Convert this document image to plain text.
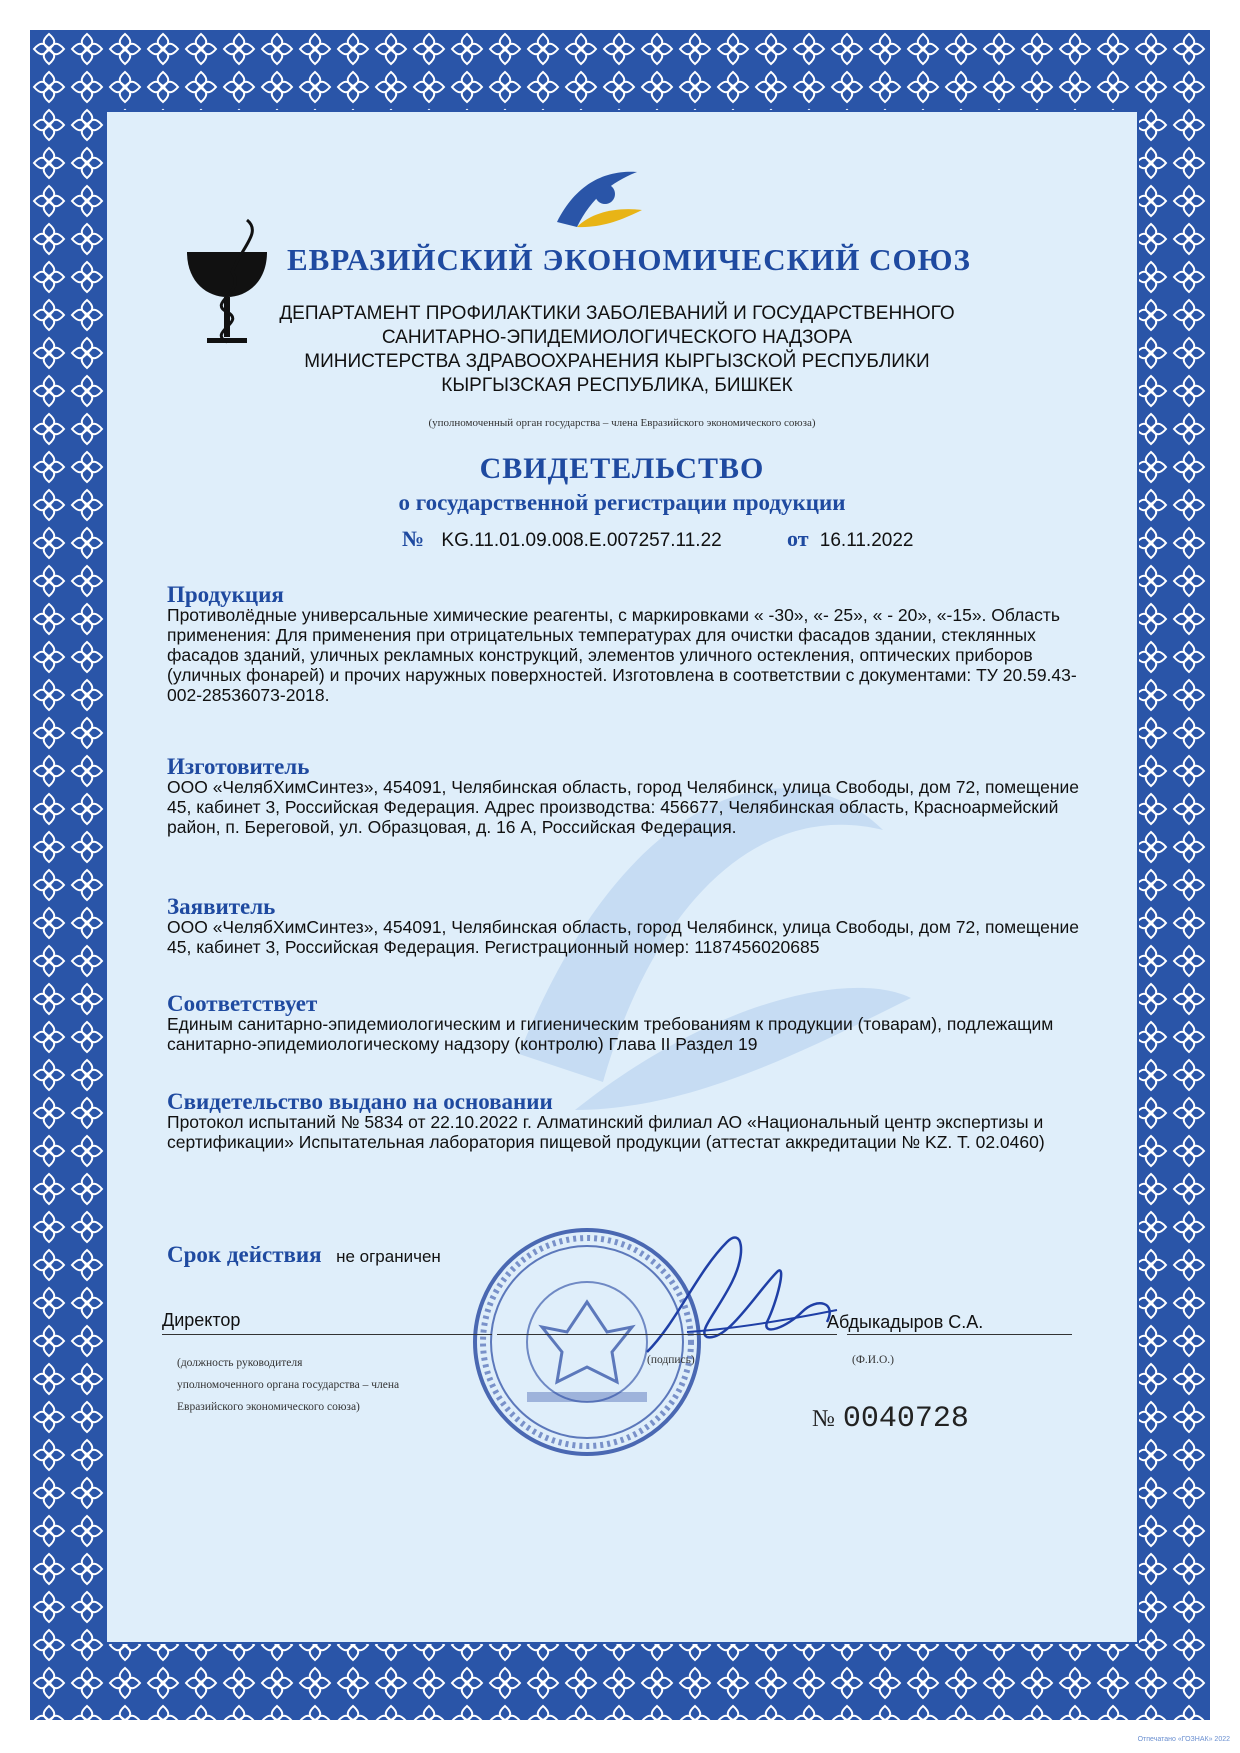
ЕВРАЗИЙСКИЙ ЭКОНОМИЧЕСКИЙ СОЮЗ
ДЕПАРТАМЕНТ ПРОФИЛАКТИКИ ЗАБОЛЕВАНИЙ И ГОСУДАРСТВЕННОГО
САНИТАРНО-ЭПИДЕМИОЛОГИЧЕСКОГО НАДЗОРА
МИНИСТЕРСТВА ЗДРАВООХРАНЕНИЯ КЫРГЫЗСКОЙ РЕСПУБЛИКИ
КЫРГЫЗСКАЯ РЕСПУБЛИКА, БИШКЕК
(уполномоченный орган государства – члена Евразийского экономического союза)
СВИДЕТЕЛЬСТВО
о государственной регистрации продукции
№ KG.11.01.09.008.Е.007257.11.22	от 16.11.2022
Продукция
Противолёдные универсальные химические реагенты, с маркировками « -30», «- 25», « - 20», «-15». Область применения: Для применения при отрицательных температурах для очистки фасадов здании, стеклянных фасадов зданий, уличных рекламных конструкций, элементов уличного остекления, оптических приборов (уличных фонарей) и прочих наружных поверхностей. Изготовлена в соответствии с документами: ТУ 20.59.43-002-28536073-2018.
Изготовитель
ООО «ЧелябХимСинтез», 454091, Челябинская область, город Челябинск, улица Свободы, дом 72, помещение 45, кабинет 3, Российская Федерация. Адрес производства: 456677, Челябинская область, Красноармейский район, п. Береговой, ул. Образцовая, д. 16 А, Российская Федерация.
Заявитель
ООО «ЧелябХимСинтез», 454091, Челябинская область, город Челябинск, улица Свободы, дом 72, помещение 45, кабинет 3, Российская Федерация. Регистрационный номер: 1187456020685
Соответствует
Единым санитарно-эпидемиологическим и гигиеническим требованиям к продукции (товарам), подлежащим санитарно-эпидемиологическому надзору (контролю) Глава II Раздел 19
Свидетельство выдано на основании
Протокол испытаний № 5834 от 22.10.2022 г. Алматинский филиал АО «Национальный центр экспертизы и сертификации» Испытательная лаборатория пищевой продукции (аттестат аккредитации № KZ. Т. 02.0460)
Срок действия не ограничен
Директор	Абдыкадыров С.А.
(должность руководителя
уполномоченного органа государства – члена
Евразийского экономического союза)
(подпись)	(Ф.И.О.)
№ 0040728
Отпечатано «ГОЗНАК» 2022
